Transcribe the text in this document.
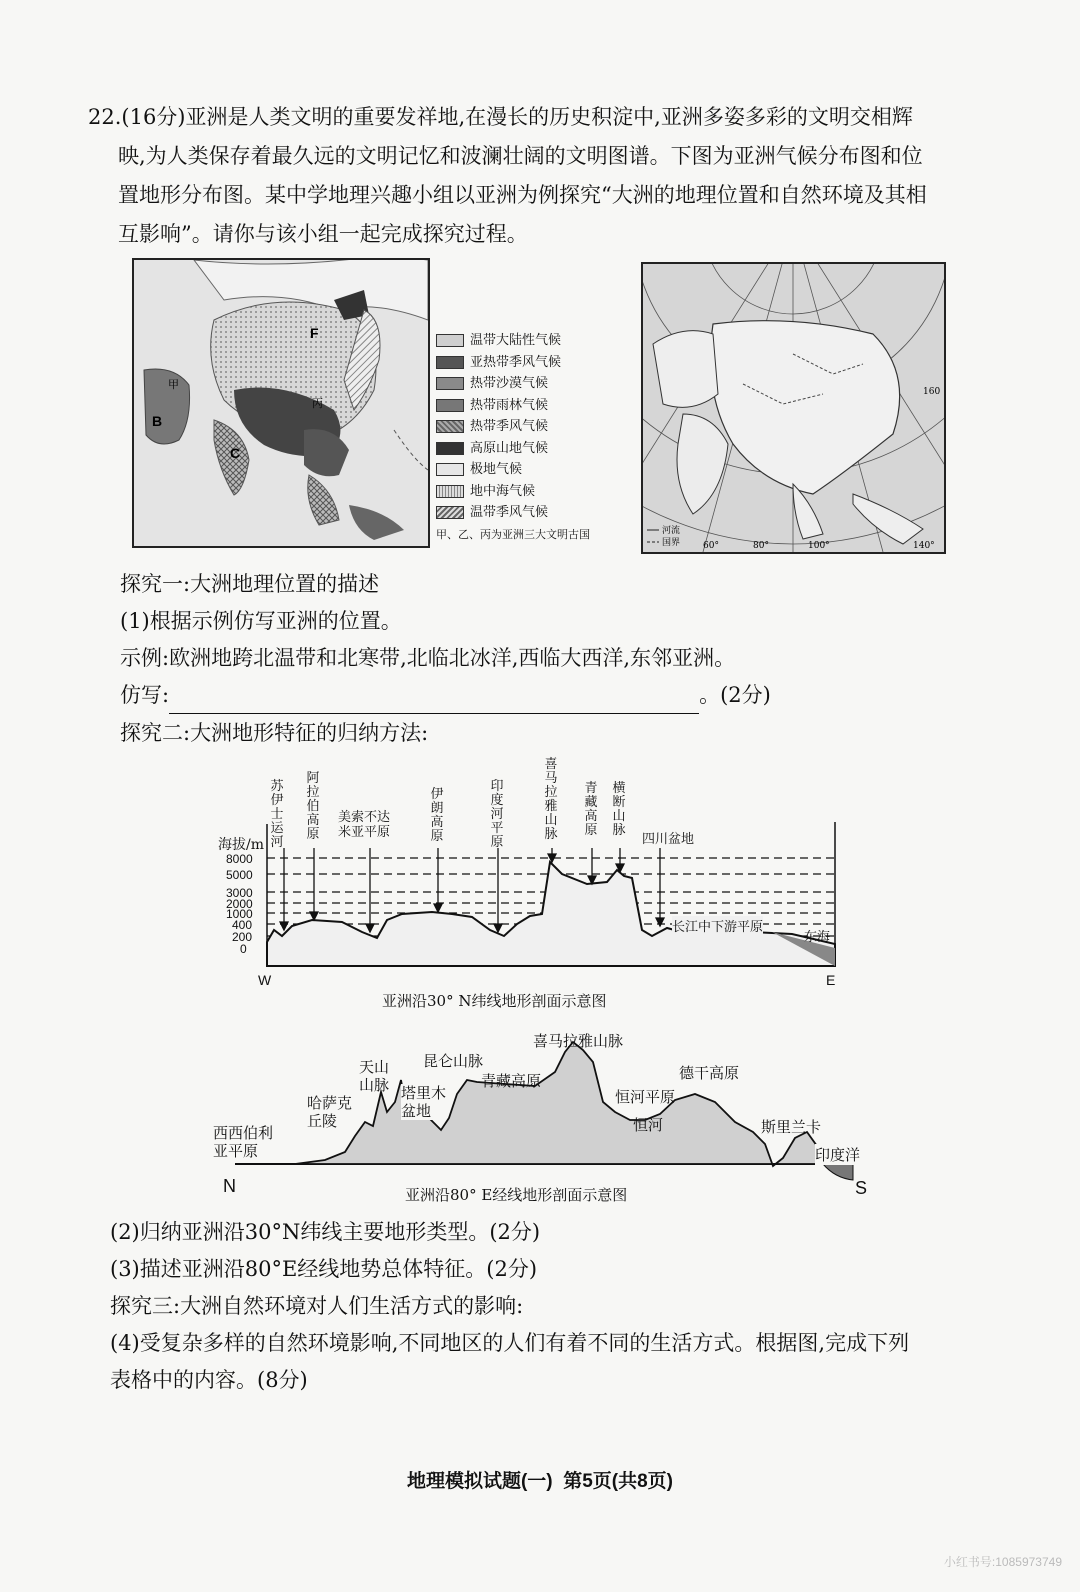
22.(16分)亚洲是人类文明的重要发祥地,在漫长的历史积淀中,亚洲多姿多彩的文明交相辉
映,为人类保存着最久远的文明记忆和波澜壮阔的文明图谱。下图为亚洲气候分布图和位
置地形分布图。某中学地理兴趣小组以亚洲为例探究“大洲的地理位置和自然环境及其相
互影响”。请你与该小组一起完成探究过程。
F
甲
B
丙
C
温带大陆性气候
亚热带季风气候
热带沙漠气候
热带雨林气候
热带季风气候
高原山地气候
极地气候
地中海气候
温带季风气候
甲、乙、丙为亚洲三大文明古国
60°	80°	100°	140°
160
河流
国界
探究一:大洲地理位置的描述
(1)根据示例仿写亚洲的位置。
示例:欧洲地跨北温带和北寒带,北临北冰洋,西临大西洋,东邻亚洲。
仿写:	。(2分)
探究二:大洲地形特征的归纳方法:
海拔/m
8000
5000
3000
2000
1000
400
200
0
苏伊士运河
阿拉伯高原
美索不达
米亚平原
伊朗高原
印度河平原
喜马拉雅山脉
青藏高原
横断山脉
四川盆地
长江中下游平原
东海
W	E
亚洲沿30° N纬线地形剖面示意图
西西伯利
亚平原
哈萨克
丘陵
天山
山脉 塔里木
盆地
昆仑山脉
青藏高原
喜马拉雅山脉
恒河平原
恒河
德干高原
斯里兰卡
印度洋
N	S
亚洲沿80° E经线地形剖面示意图
(2)归纳亚洲沿30°N纬线主要地形类型。(2分)
(3)描述亚洲沿80°E经线地势总体特征。(2分)
探究三:大洲自然环境对人们生活方式的影响:
(4)受复杂多样的自然环境影响,不同地区的人们有着不同的生活方式。根据图,完成下列
表格中的内容。(8分)
地理模拟试题(一)  第5页(共8页)
小红书号:1085973749
